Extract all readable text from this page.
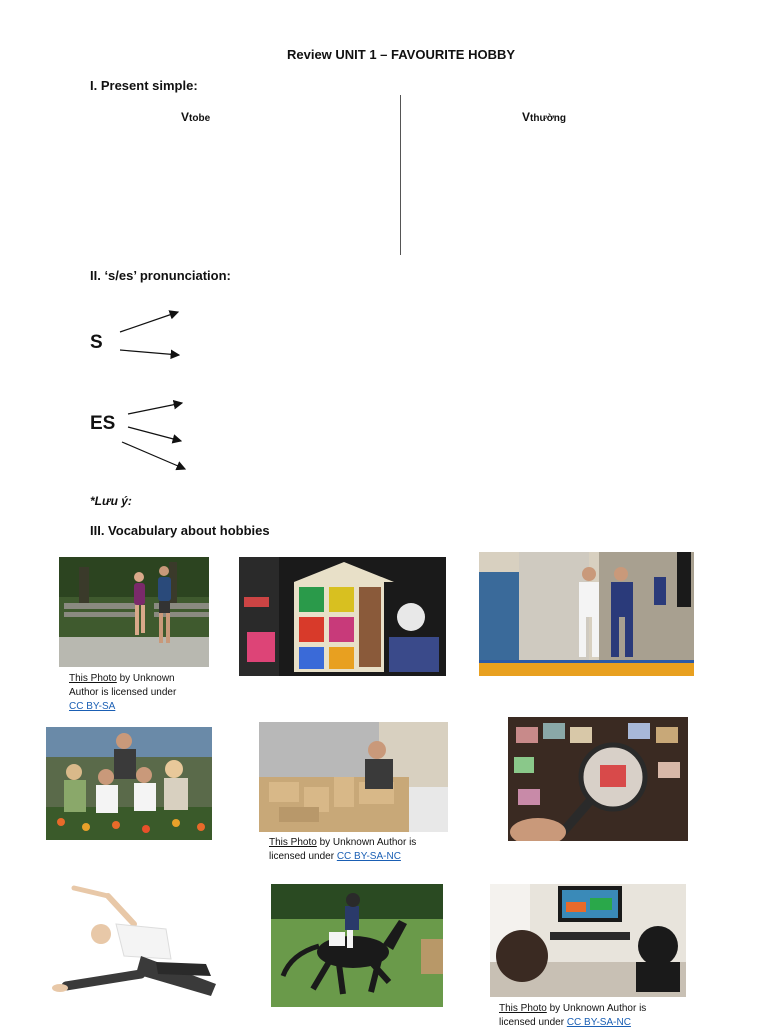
Review UNIT 1 – FAVOURITE HOBBY
I. Present simple:
Vtobe	Vthường
II. ‘s/es’ pronunciation:
S
ES
*Lưu ý:
III. Vocabulary about hobbies
This Photo by Unknown Author is licensed under
CC BY-SA
This Photo by Unknown Author is licensed under CC BY-SA-NC
This Photo by Unknown Author is licensed under CC BY-SA-NC
